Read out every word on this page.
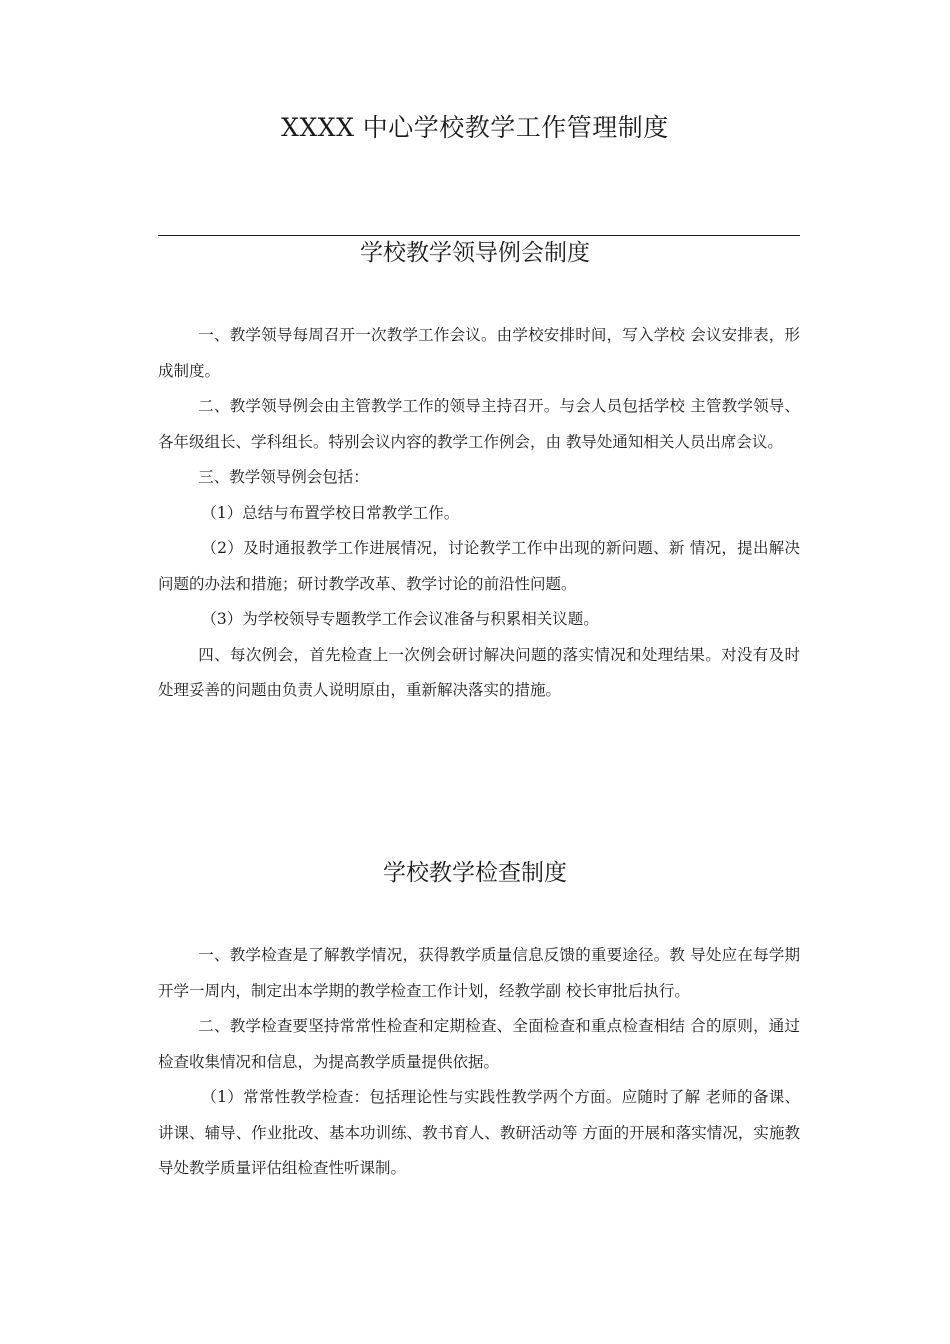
XXXX 中心学校教学工作管理制度
学校教学领导例会制度

一、教学领导每周召开一次教学工作会议。由学校安排时间，写入学校 会议安排表，形成制度。

二、教学领导例会由主管教学工作的领导主持召开。与会人员包括学校 主管教学领导、各年级组长、学科组长。特别会议内容的教学工作例会，由 教导处通知相关人员出席会议。

三、教学领导例会包括：

（1）总结与布置学校日常教学工作。

（2）及时通报教学工作进展情况，讨论教学工作中出现的新问题、新 情况，提出解决问题的办法和措施；研讨教学改革、教学讨论的前沿性问题。

（3）为学校领导专题教学工作会议准备与积累相关议题。

四、每次例会，首先检查上一次例会研讨解决问题的落实情况和处理结果。对没有及时处理妥善的问题由负责人说明原由，重新解决落实的措施。

学校教学检查制度

一、教学检查是了解教学情况，获得教学质量信息反馈的重要途径。教 导处应在每学期开学一周内，制定出本学期的教学检查工作计划，经教学副 校长审批后执行。

二、教学检查要坚持常常性检查和定期检查、全面检查和重点检查相结 合的原则，通过检查收集情况和信息，为提高教学质量提供依据。

（1）常常性教学检查：包括理论性与实践性教学两个方面。应随时了解 老师的备课、讲课、辅导、作业批改、基本功训练、教书育人、教研活动等 方面的开展和落实情况，实施教导处教学质量评估组检查性听课制。
